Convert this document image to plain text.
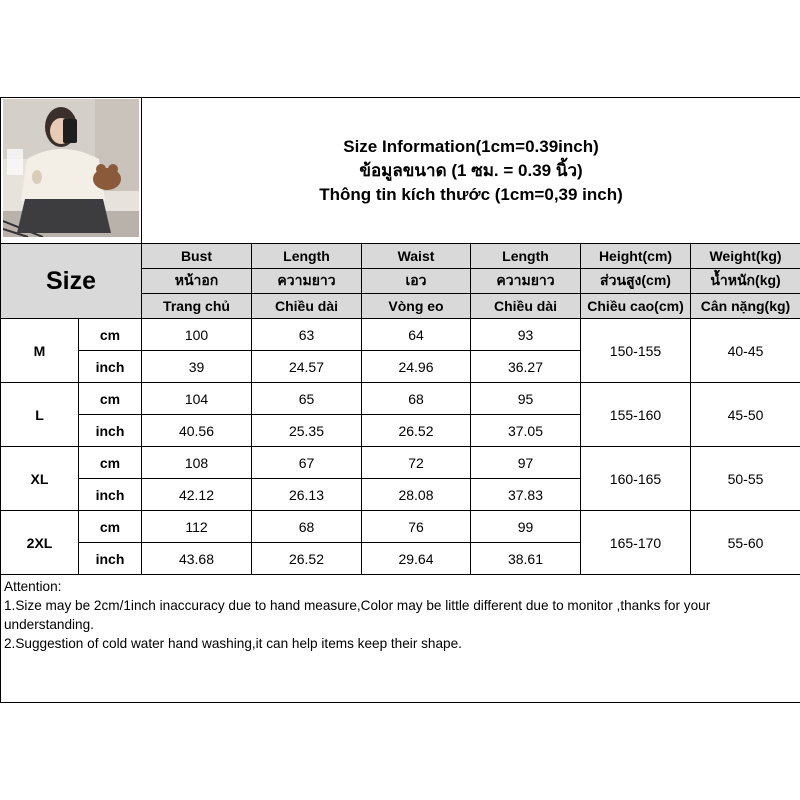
Size Information(1cm=0.39inch)
ข้อมูลขนาด (1 ซม. = 0.39 นิ้ว)
Thông tin kích thước (1cm=0,39 inch)					

Size		Bust	Length	Waist	Length	Height(cm)	Weight(kg)
		หน้าอก	ความยาว	เอว	ความยาว	ส่วนสูง(cm)	น้ำหนัก(kg)
		Trang chủ	Chiều dài	Vòng eo	Chiều dài	Chiều cao(cm)	Cân nặng(kg)
M	cm	100	63	64	93	150-155	40-45
	inch	39	24.57	24.96	36.27		
L	cm	104	65	68	95	155-160	45-50
	inch	40.56	25.35	26.52	37.05		
XL	cm	108	67	72	97	160-165	50-55
	inch	42.12	26.13	28.08	37.83		
2XL	cm	112	68	76	99	165-170	55-60
	inch	43.68	26.52	29.64	38.61		

Attention:
1.Size may be 2cm/1inch inaccuracy due to hand measure,Color may be little different due to monitor ,thanks for your understanding.
2.Suggestion of cold water hand washing,it can help items keep their shape.							
